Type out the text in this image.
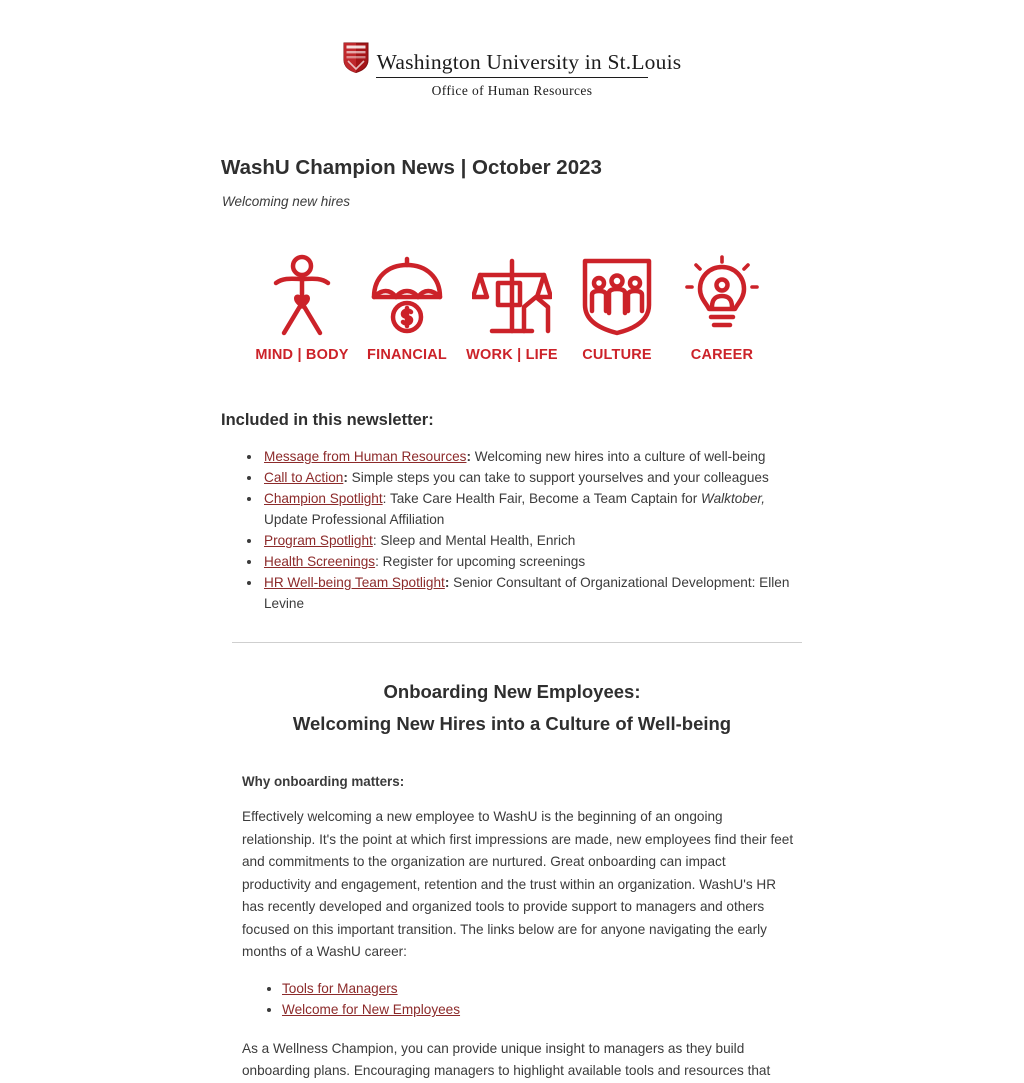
Washington University in St.Louis
Office of Human Resources
WashU Champion News | October 2023
Welcoming new hires
MIND | BODY	FINANCIAL	WORK | LIFE	CULTURE	CAREER
Included in this newsletter:
• Message from Human Resources: Welcoming new hires into a culture of well-being
• Call to Action: Simple steps you can take to support yourselves and your colleagues
• Champion Spotlight: Take Care Health Fair, Become a Team Captain for Walktober, Update Professional Affiliation
• Program Spotlight: Sleep and Mental Health, Enrich
• Health Screenings: Register for upcoming screenings
• HR Well-being Team Spotlight: Senior Consultant of Organizational Development: Ellen Levine
Onboarding New Employees:
Welcoming New Hires into a Culture of Well-being
Why onboarding matters:
Effectively welcoming a new employee to WashU is the beginning of an ongoing relationship. It's the point at which first impressions are made, new employees find their feet and commitments to the organization are nurtured. Great onboarding can impact productivity and engagement, retention and the trust within an organization. WashU's HR has recently developed and organized tools to provide support to managers and others focused on this important transition. The links below are for anyone navigating the early months of a WashU career:
• Tools for Managers
• Welcome for New Employees
As a Wellness Champion, you can provide unique insight to managers as they build onboarding plans. Encouraging managers to highlight available tools and resources that
